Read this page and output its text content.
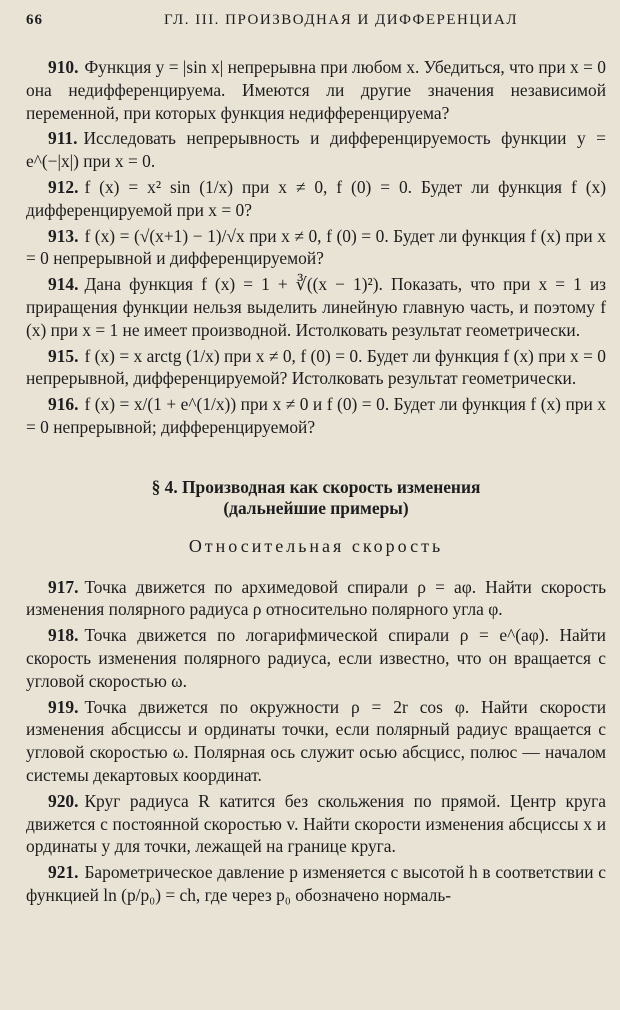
66	ГЛ. III. ПРОИЗВОДНАЯ И ДИФФЕРЕНЦИАЛ

910. Функция y = |sin x| непрерывна при любом x. Убедиться, что при x = 0 она недифференцируема. Имеются ли другие значения независимой переменной, при которых функция недифференцируема?

911. Исследовать непрерывность и дифференцируемость функции y = e^(−|x|) при x = 0.

912. f (x) = x² sin (1/x) при x ≠ 0, f (0) = 0. Будет ли функция f (x) дифференцируемой при x = 0?

913. f (x) = (√(x+1) − 1)/√x при x ≠ 0, f (0) = 0. Будет ли функция f (x) при x = 0 непрерывной и дифференцируемой?

914. Дана функция f (x) = 1 + ∛((x − 1)²). Показать, что при x = 1 из приращения функции нельзя выделить линейную главную часть, и поэтому f (x) при x = 1 не имеет производной. Истолковать результат геометрически.

915. f (x) = x arctg (1/x) при x ≠ 0, f (0) = 0. Будет ли функция f (x) при x = 0 непрерывной, дифференцируемой? Истолковать результат геометрически.

916. f (x) = x/(1 + e^(1/x)) при x ≠ 0 и f (0) = 0. Будет ли функция f (x) при x = 0 непрерывной; дифференцируемой?

§ 4. Производная как скорость изменения
(дальнейшие примеры)
Относительная скорость

917. Точка движется по архимедовой спирали ρ = aφ. Найти скорость изменения полярного радиуса ρ относительно полярного угла φ.

918. Точка движется по логарифмической спирали ρ = e^(aφ). Найти скорость изменения полярного радиуса, если известно, что он вращается с угловой скоростью ω.

919. Точка движется по окружности ρ = 2r cos φ. Найти скорости изменения абсциссы и ординаты точки, если полярный радиус вращается с угловой скоростью ω. Полярная ось служит осью абсцисс, полюс — началом системы декартовых координат.

920. Круг радиуса R катится без скольжения по прямой. Центр круга движется с постоянной скоростью v. Найти скорости изменения абсциссы x и ординаты y для точки, лежащей на границе круга.

921. Барометрическое давление p изменяется с высотой h в соответствии с функцией ln (p/p₀) = ch, где через p₀ обозначено нормаль-
